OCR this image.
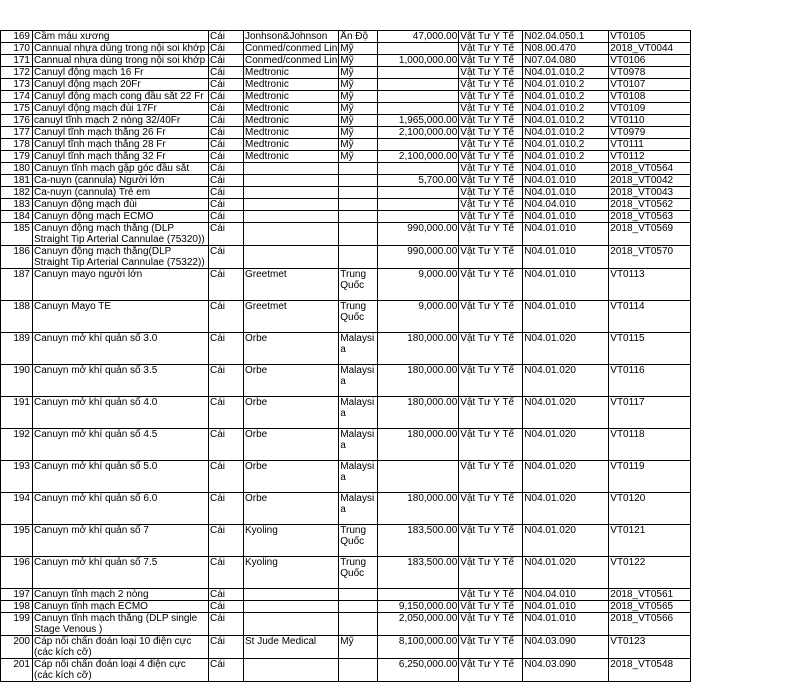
169	Cầm máu xương	Cái	Jonhson&Johnson	Ấn Độ	47,000.00	Vật Tư Y Tế	N02.04.050.1	VT0105
170	Cannual nhựa dùng trong nội soi khớp	Cái	Conmed/conmed Lin	Mỹ		Vật Tư Y Tế	N08.00.470	2018_VT0044
171	Cannual nhựa dùng trong nội soi khớp	Cái	Conmed/conmed Lin	Mỹ	1,000,000.00	Vật Tư Y Tế	N07.04.080	VT0106
172	Canuyl động mạch 16 Fr	Cái	Medtronic	Mỹ		Vật Tư Y Tế	N04.01.010.2	VT0978
173	Canuyl động mạch 20Fr	Cái	Medtronic	Mỹ		Vật Tư Y Tế	N04.01.010.2	VT0107
174	Canuyl động mạch cong đầu sắt 22 Fr	Cái	Medtronic	Mỹ		Vật Tư Y Tế	N04.01.010.2	VT0108
175	Canuyl động mạch đùi 17Fr	Cái	Medtronic	Mỹ		Vật Tư Y Tế	N04.01.010.2	VT0109
176	canuyl tĩnh mạch 2 nòng 32/40Fr	Cái	Medtronic	Mỹ	1,965,000.00	Vật Tư Y Tế	N04.01.010.2	VT0110
177	Canuyl tĩnh mạch thẳng 26 Fr	Cái	Medtronic	Mỹ	2,100,000.00	Vật Tư Y Tế	N04.01.010.2	VT0979
178	Canuyl tĩnh mạch thẳng 28 Fr	Cái	Medtronic	Mỹ		Vật Tư Y Tế	N04.01.010.2	VT0111
179	Canuyl tĩnh mạch thẳng 32 Fr	Cái	Medtronic	Mỹ	2,100,000.00	Vật Tư Y Tế	N04.01.010.2	VT0112
180	Canuyn tĩnh mạch gập góc đầu sắt	Cái				Vật Tư Y Tế	N04.01.010	2018_VT0564
181	Ca-nuyn (cannula) Người lớn	Cái			5,700.00	Vật Tư Y Tế	N04.01.010	2018_VT0042
182	Ca-nuyn (cannula) Trẻ em	Cái				Vật Tư Y Tế	N04.01.010	2018_VT0043
183	Canuyn động mạch đùi	Cái				Vật Tư Y Tế	N04.04.010	2018_VT0562
184	Canuyn động mạch ECMO	Cái				Vật Tư Y Tế	N04.01.010	2018_VT0563
185	Canuyn động mạch thẳng (DLP Straight Tip Arterial Cannulae (75320))	Cái			990,000.00	Vật Tư Y Tế	N04.01.010	2018_VT0569
186	Canuyn động mạch thẳng(DLP Straight Tip Arterial Cannulae (75322))	Cái			990,000.00	Vật Tư Y Tế	N04.01.010	2018_VT0570
187	Canuyn mayo người lớn	Cái	Greetmet	Trung Quốc	9,000.00	Vật Tư Y Tế	N04.01.010	VT0113
188	Canuyn Mayo TE	Cái	Greetmet	Trung Quốc	9,000.00	Vật Tư Y Tế	N04.01.010	VT0114
189	Canuyn mở khí quản số 3.0	Cái	Orbe	Malaysia	180,000.00	Vật Tư Y Tế	N04.01.020	VT0115
190	Canuyn mở khí quản số 3.5	Cái	Orbe	Malaysia	180,000.00	Vật Tư Y Tế	N04.01.020	VT0116
191	Canuyn mở khí quản số 4.0	Cái	Orbe	Malaysia	180,000.00	Vật Tư Y Tế	N04.01.020	VT0117
192	Canuyn mở khí quản số 4.5	Cái	Orbe	Malaysia	180,000.00	Vật Tư Y Tế	N04.01.020	VT0118
193	Canuyn mở khí quản số 5.0	Cái	Orbe	Malaysia		Vật Tư Y Tế	N04.01.020	VT0119
194	Canuyn mở khí quản số 6.0	Cái	Orbe	Malaysia	180,000.00	Vật Tư Y Tế	N04.01.020	VT0120
195	Canuyn mở khí quản số 7	Cái	Kyoling	Trung Quốc	183,500.00	Vật Tư Y Tế	N04.01.020	VT0121
196	Canuyn mở khí quản số 7.5	Cái	Kyoling	Trung Quốc	183,500.00	Vật Tư Y Tế	N04.01.020	VT0122
197	Canuyn tĩnh mạch 2 nòng	Cái				Vật Tư Y Tế	N04.04.010	2018_VT0561
198	Canuyn tĩnh mạch ECMO	Cái			9,150,000.00	Vật Tư Y Tế	N04.01.010	2018_VT0565
199	Canuyn tĩnh mạch thẳng (DLP single Stage Venous )	Cái			2,050,000.00	Vật Tư Y Tế	N04.01.010	2018_VT0566
200	Cáp nối chẩn đoán loại 10 điện cực (các kích cỡ)	Cái	St Jude Medical	Mỹ	8,100,000.00	Vật Tư Y Tế	N04.03.090	VT0123
201	Cáp nối chẩn đoán loại 4 điện cực (các kích cỡ)	Cái			6,250,000.00	Vật Tư Y Tế	N04.03.090	2018_VT0548
